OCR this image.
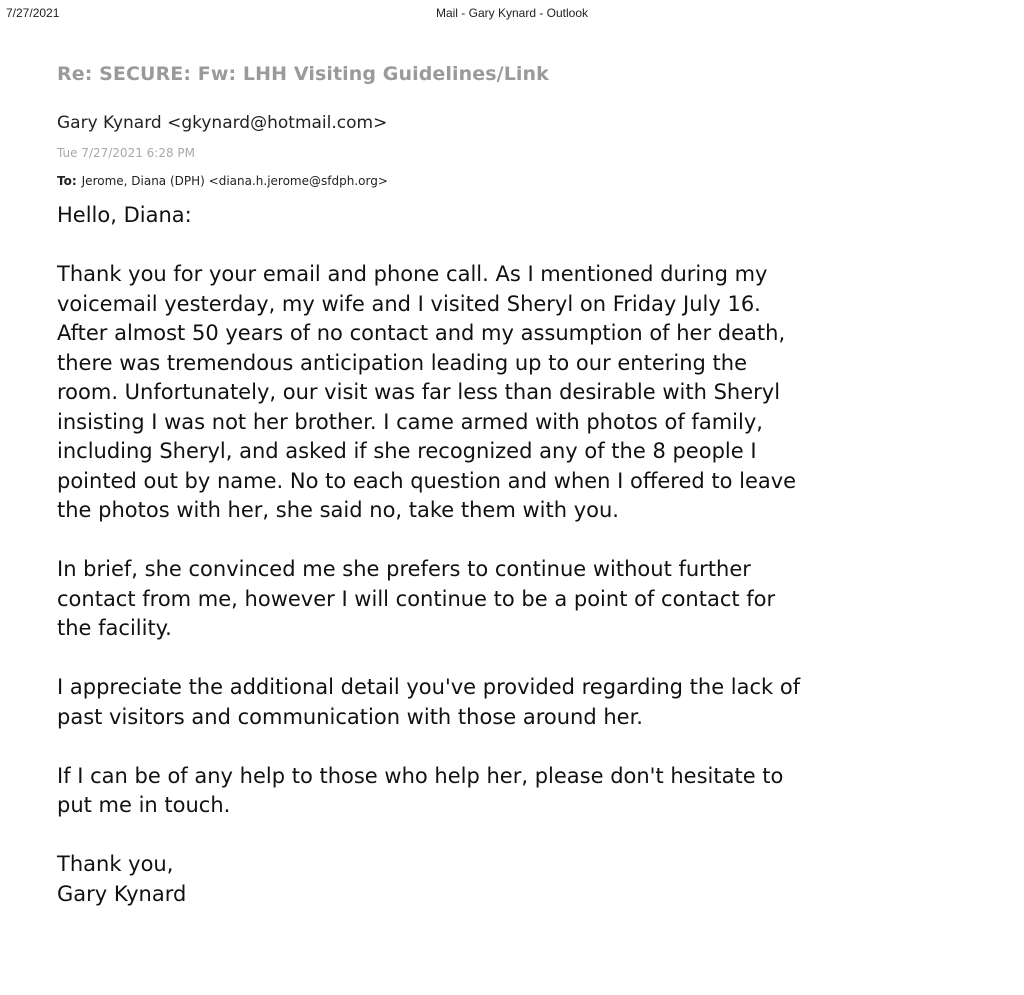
7/27/2021	Mail - Gary Kynard - Outlook
Re: SECURE: Fw: LHH Visiting Guidelines/Link
Gary Kynard <gkynard@hotmail.com>
Tue 7/27/2021 6:28 PM
To: Jerome, Diana (DPH) <diana.h.jerome@sfdph.org>

Hello, Diana:

Thank you for your email and phone call. As I mentioned during my
voicemail yesterday, my wife and I visited Sheryl on Friday July 16.
After almost 50 years of no contact and my assumption of her death,
there was tremendous anticipation leading up to our entering the
room. Unfortunately, our visit was far less than desirable with Sheryl
insisting I was not her brother. I came armed with photos of family,
including Sheryl, and asked if she recognized any of the 8 people I
pointed out by name. No to each question and when I offered to leave
the photos with her, she said no, take them with you.

In brief, she convinced me she prefers to continue without further
contact from me, however I will continue to be a point of contact for
the facility.

I appreciate the additional detail you've provided regarding the lack of
past visitors and communication with those around her.

If I can be of any help to those who help her, please don't hesitate to
put me in touch.

Thank you,

Gary Kynard
